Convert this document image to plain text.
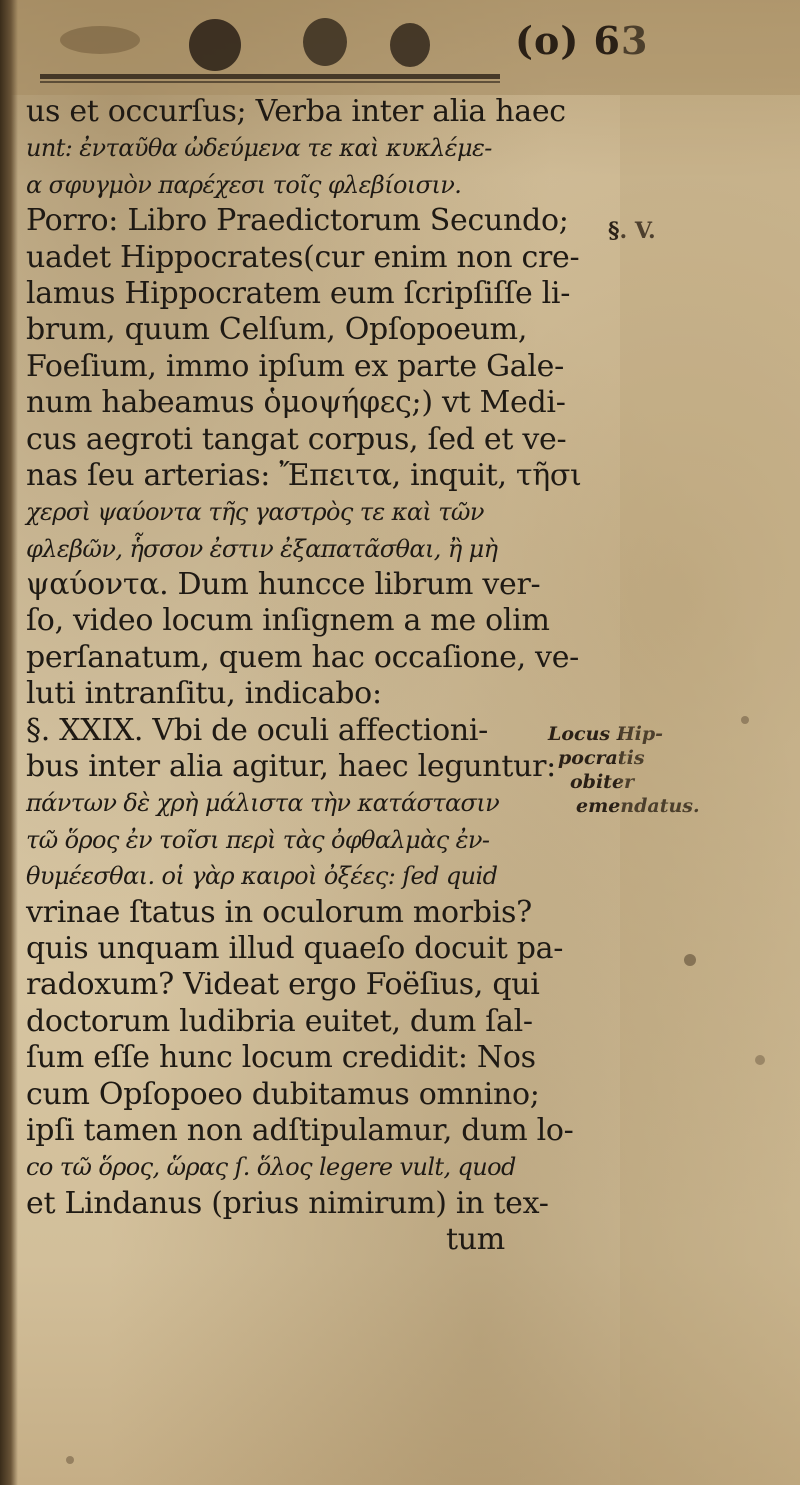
(o) 63
us et occurſus; Verba inter alia haec
unt: ἐνταῦθα ὠδεύμενα τε καὶ κυκλέμε-
α σφυγμὸν παρέχεσι τοῖς φλεβίοισιν.
Porro: Libro Praedictorum Secundo;
uadet Hippocrates(cur enim non cre-
lamus Hippocratem eum ſcripſiſſe li-
brum, quum Celſum, Opſopoeum,
Foeſium, immo ipſum ex parte Gale-
num habeamus ὁμοψήφες;) vt Medi-
cus aegroti tangat corpus, ſed et ve-
nas ſeu arterias: Ἔπειτα, inquit, τῆσι
χερσὶ ψαύοντα τῆς γαστρὸς τε καὶ τῶν
φλεβῶν, ἧσσον ἐστιν ἐξαπατᾶσθαι, ἢ μὴ
ψαύοντα. Dum huncce librum ver-
ſo, video locum inſignem a me olim
perſanatum, quem hac occaſione, ve-
luti intranſitu, indicabo:
§. XXIX. Vbi de oculi affectioni-
bus inter alia agitur, haec leguntur:
πάντων δὲ χρὴ μάλιστα τὴν κατάστασιν
τῶ ὅρος ἐν τοῖσι περὶ τὰς ὀφθαλμὰς ἐν-
θυμέεσθαι. οἱ γὰρ καιροὶ ὀξέες: ſed quid
vrinae ſtatus in oculorum morbis?
quis unquam illud quaeſo docuit pa-
radoxum? Videat ergo Foëſius, qui
doctorum ludibria euitet, dum ſal-
ſum eſſe hunc locum credidit: Nos
cum Opſopoeo dubitamus omnino;
ipſi tamen non adſtipulamur, dum lo-
co τῶ ὅρος, ὥρας ſ. ὅλος legere vult, quod
et Lindanus (prius nimirum) in tex-
tum
§. V.
Locus Hip-
pocratis
obiter
emendatus.
